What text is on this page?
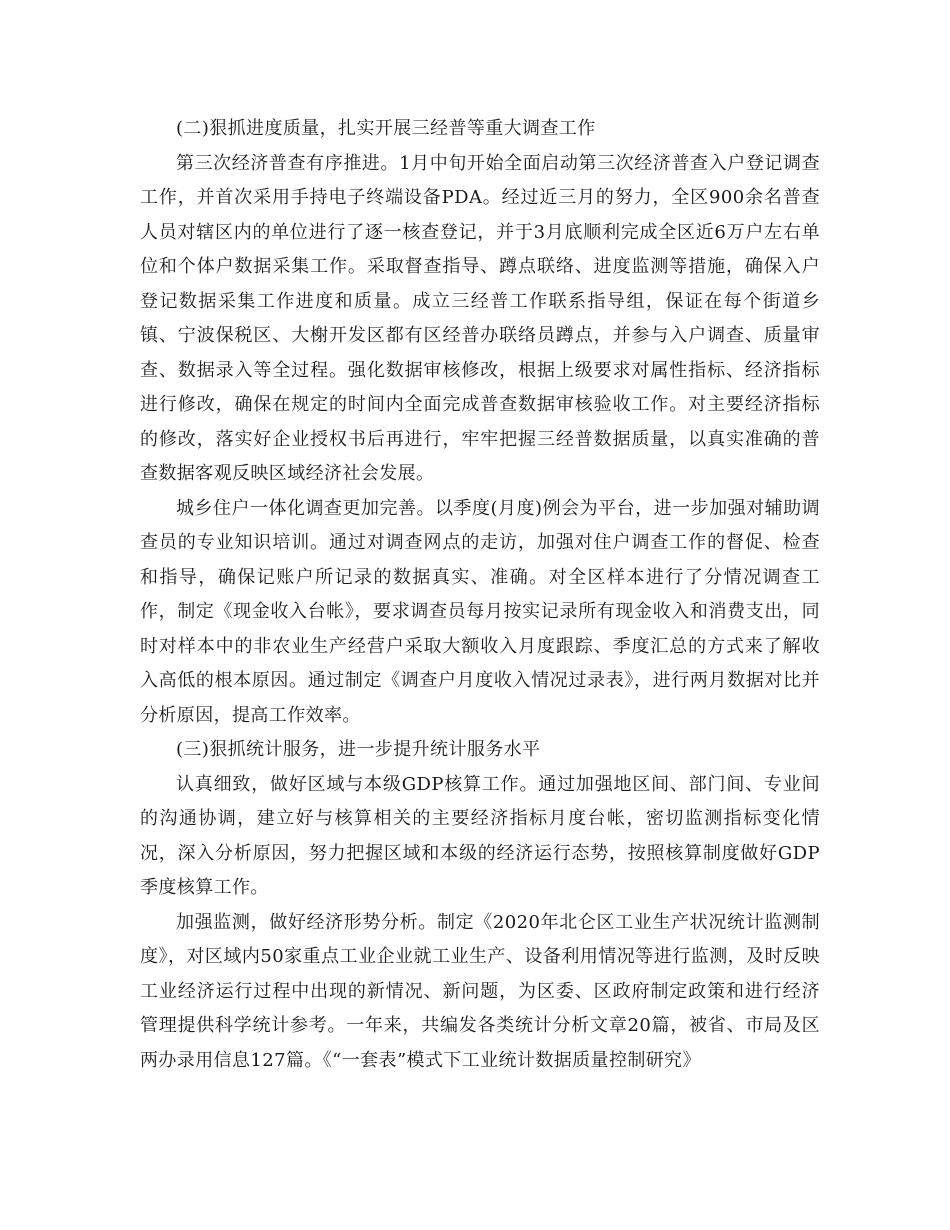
(二)狠抓进度质量，扎实开展三经普等重大调查工作

第三次经济普查有序推进。1月中旬开始全面启动第三次经济普查入户登记调查工作，并首次采用手持电子终端设备PDA。经过近三月的努力，全区900余名普查人员对辖区内的单位进行了逐一核查登记，并于3月底顺利完成全区近6万户左右单位和个体户数据采集工作。采取督查指导、蹲点联络、进度监测等措施，确保入户登记数据采集工作进度和质量。成立三经普工作联系指导组，保证在每个街道乡镇、宁波保税区、大榭开发区都有区经普办联络员蹲点，并参与入户调查、质量审查、数据录入等全过程。强化数据审核修改，根据上级要求对属性指标、经济指标进行修改，确保在规定的时间内全面完成普查数据审核验收工作。对主要经济指标的修改，落实好企业授权书后再进行，牢牢把握三经普数据质量，以真实准确的普查数据客观反映区域经济社会发展。

城乡住户一体化调查更加完善。以季度(月度)例会为平台，进一步加强对辅助调查员的专业知识培训。通过对调查网点的走访，加强对住户调查工作的督促、检查和指导，确保记账户所记录的数据真实、准确。对全区样本进行了分情况调查工作，制定《现金收入台帐》，要求调查员每月按实记录所有现金收入和消费支出，同时对样本中的非农业生产经营户采取大额收入月度跟踪、季度汇总的方式来了解收入高低的根本原因。通过制定《调查户月度收入情况过录表》，进行两月数据对比并分析原因，提高工作效率。

(三)狠抓统计服务，进一步提升统计服务水平

认真细致，做好区域与本级GDP核算工作。通过加强地区间、部门间、专业间的沟通协调，建立好与核算相关的主要经济指标月度台帐，密切监测指标变化情况，深入分析原因，努力把握区域和本级的经济运行态势，按照核算制度做好GDP季度核算工作。

加强监测，做好经济形势分析。制定《2020年北仑区工业生产状况统计监测制度》，对区域内50家重点工业企业就工业生产、设备利用情况等进行监测，及时反映工业经济运行过程中出现的新情况、新问题，为区委、区政府制定政策和进行经济管理提供科学统计参考。一年来，共编发各类统计分析文章20篇，被省、市局及区两办录用信息127篇。《“一套表”模式下工业统计数据质量控制研究》
